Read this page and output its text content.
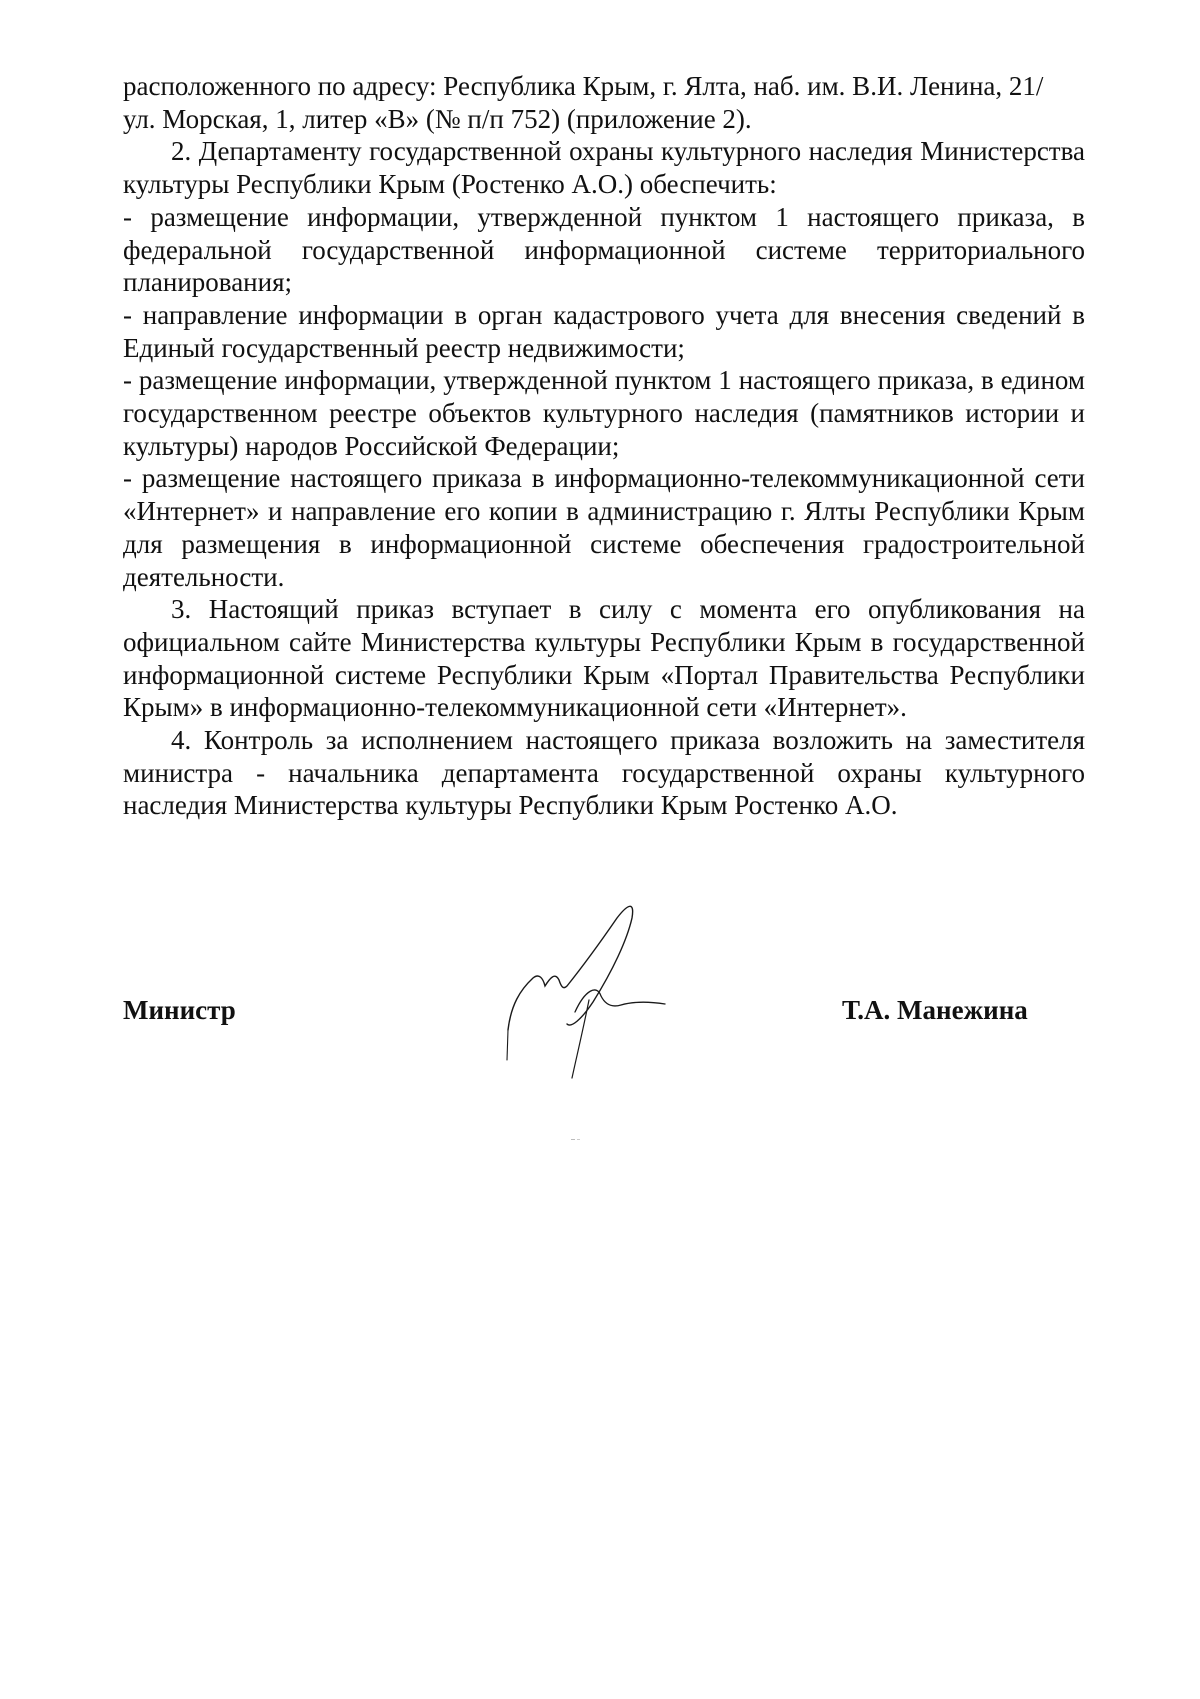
расположенного по адресу: Республика Крым, г. Ялта, наб. им. В.И. Ленина, 21/

ул. Морская, 1, литер «В» (№ п/п 752) (приложение 2).

2. Департаменту государственной охраны культурного наследия Министерства культуры Республики Крым (Ростенко А.О.) обеспечить:

- размещение информации, утвержденной пунктом 1 настоящего приказа, в федеральной государственной информационной системе территориального планирования;

- направление информации в орган кадастрового учета для внесения сведений в Единый государственный реестр недвижимости;

- размещение информации, утвержденной пунктом 1 настоящего приказа, в едином государственном реестре объектов культурного наследия (памятников истории и культуры) народов Российской Федерации;

- размещение настоящего приказа в информационно-телекоммуникационной сети «Интернет» и направление его копии в администрацию г. Ялты Республики Крым для размещения в информационной системе обеспечения градостроительной деятельности.

3. Настоящий приказ вступает в силу с момента его опубликования на официальном сайте Министерства культуры Республики Крым в государственной информационной системе Республики Крым «Портал Правительства Республики Крым» в информационно-телекоммуникационной сети «Интернет».

4. Контроль за исполнением настоящего приказа возложить на заместителя министра - начальника департамента государственной охраны культурного наследия Министерства культуры Республики Крым Ростенко А.О.

Министр	Т.А. Манежина
